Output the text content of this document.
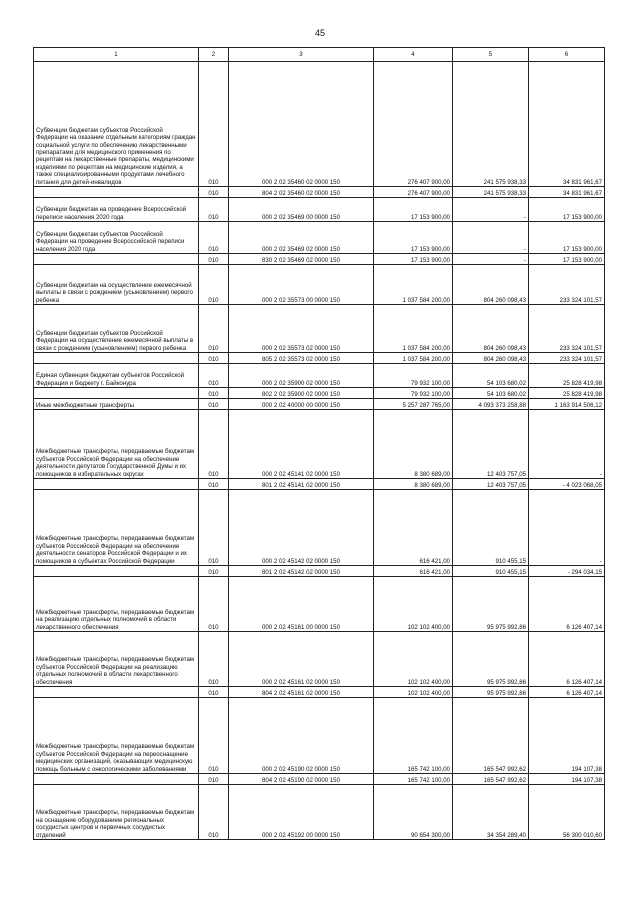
45
1	2	3	4	5	6
Субвенции бюджетам субъектов Российской Федерации на оказание отдельным категориям граждан социальной услуги по обеспечению лекарственными препаратами для медицинского применения по рецептам на лекарственные препараты, медицинскими изделиями по рецептам на медицинские изделия, а также специализированными продуктами лечебного питания для детей-инвалидов	010	000 2 02 35460 02 0000 150	276 407 900,00	241 575 938,33	34 831 961,67
	010	804 2 02 35460 02 0000 150	276 407 900,00	241 575 938,33	34 831 961,67
Субвенции бюджетам на проведение Всероссийской переписи населения 2020 года	010	000 2 02 35469 00 0000 150	17 153 900,00	-	17 153 900,00
Субвенции бюджетам субъектов Российской Федерации на проведение Всероссийской переписи населения 2020 года	010	000 2 02 35469 02 0000 150	17 153 900,00	-	17 153 900,00
	010	830 2 02 35469 02 0000 150	17 153 900,00	-	17 153 900,00
Субвенции бюджетам на осуществление ежемесячной выплаты в связи с рождением (усыновлением) первого ребенка	010	000 2 02 35573 00 0000 150	1 037 584 200,00	804 260 098,43	233 324 101,57
Субвенции бюджетам субъектов Российской Федерации на осуществление ежемесячной выплаты в связи с рождением (усыновлением) первого ребенка	010	000 2 02 35573 02 0000 150	1 037 584 200,00	804 260 098,43	233 324 101,57
	010	805 2 02 35573 02 0000 150	1 037 584 200,00	804 260 098,43	233 324 101,57
Единая субвенция бюджетам субъектов Российской Федерации и бюджету г. Байконура	010	000 2 02 35900 02 0000 150	79 932 100,00	54 103 680,02	25 828 419,98
	010	802 2 02 35900 02 0000 150	79 932 100,00	54 103 680,02	25 828 419,98
Иные межбюджетные трансферты	010	000 2 02 40000 00 0000 150	5 257 287 765,00	4 093 373 258,88	1 163 914 506,12
Межбюджетные трансферты, передаваемые бюджетам субъектов Российской Федерации на обеспечение деятельности депутатов Государственной Думы и их помощников в избирательных округах	010	000 2 02 45141 02 0000 150	8 380 689,00	12 403 757,05	-
	010	801 2 02 45141 02 0000 150	8 380 689,00	12 403 757,05	- 4 023 068,05
Межбюджетные трансферты, передаваемые бюджетам субъектов Российской Федерации на обеспечение деятельности сенаторов Российской Федерации и их помощников в субъектах Российской Федерации	010	000 2 02 45142 02 0000 150	616 421,00	910 455,15	-
	010	801 2 02 45142 02 0000 150	616 421,00	910 455,15	- 294 034,15
Межбюджетные трансферты, передаваемые бюджетам на реализацию отдельных полномочий в области лекарственного обеспечения	010	000 2 02 45161 00 0000 150	102 102 400,00	95 975 992,86	6 126 407,14
Межбюджетные трансферты, передаваемые бюджетам субъектов Российской Федерации на реализацию отдельных полномочий в области лекарственного обеспечения	010	000 2 02 45161 02 0000 150	102 102 400,00	95 975 992,86	6 126 407,14
	010	804 2 02 45161 02 0000 150	102 102 400,00	95 975 992,86	6 126 407,14
Межбюджетные трансферты, передаваемые бюджетам субъектов Российской Федерации на переоснащение медицинских организаций, оказывающих медицинскую помощь больным с онкологическими заболеваниями	010	000 2 02 45190 02 0000 150	165 742 100,00	165 547 992,62	194 107,38
	010	804 2 02 45190 02 0000 150	165 742 100,00	165 547 992,62	194 107,38
Межбюджетные трансферты, передаваемые бюджетам на оснащение оборудованием региональных сосудистых центров и первичных сосудистых отделений	010	000 2 02 45192 00 0000 150	90 654 300,00	34 354 289,40	56 300 010,60
